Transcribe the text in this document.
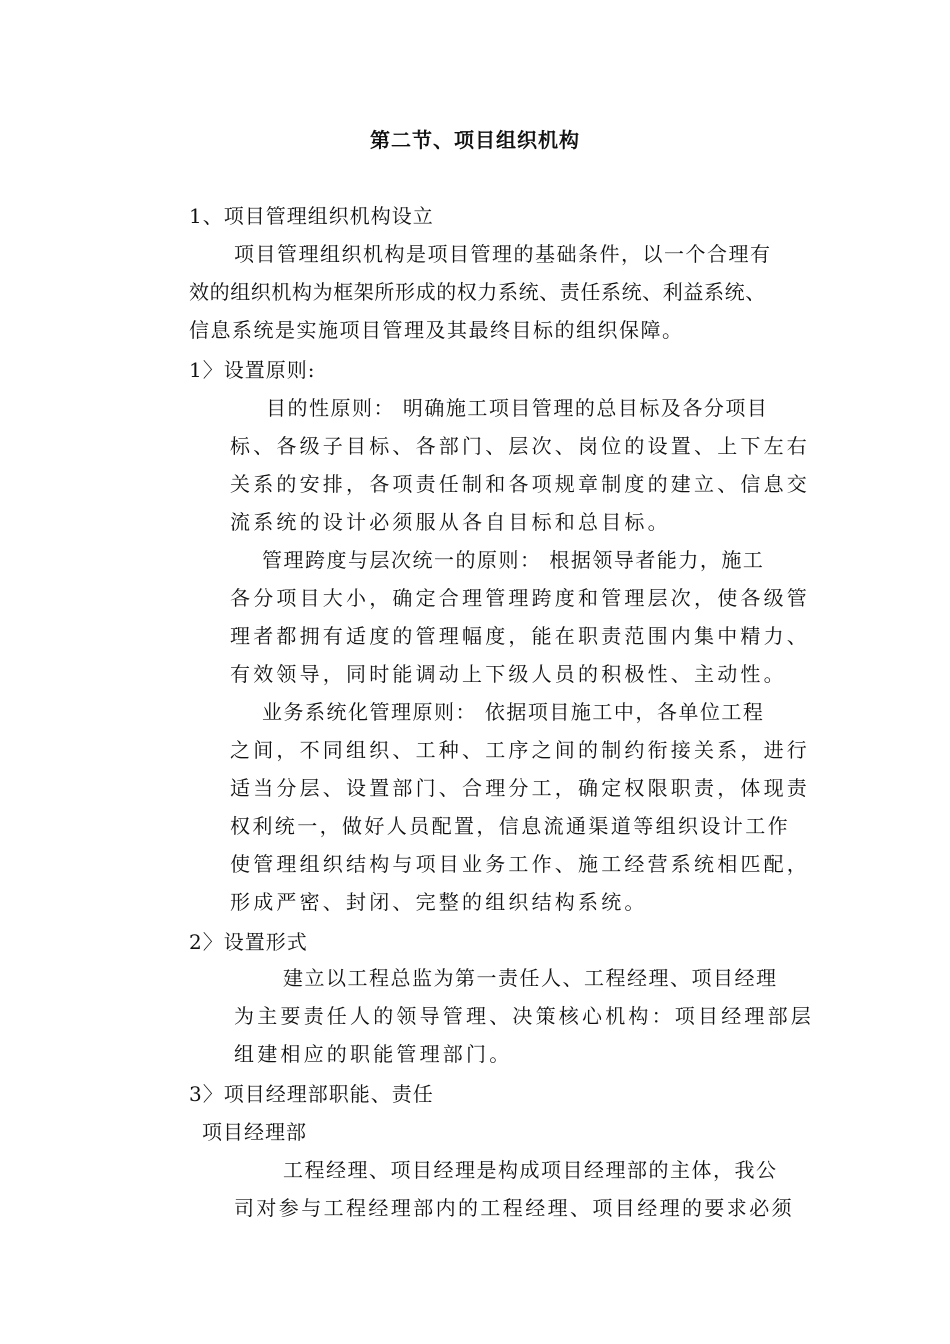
第二节、项目组织机构

1、项目管理组织机构设立

项目管理组织机构是项目管理的基础条件，以一个合理有

效的组织机构为框架所形成的权力系统、责任系统、利益系统、

信息系统是实施项目管理及其最终目标的组织保障。

1〉设置原则:

目的性原则： 明确施工项目管理的总目标及各分项目

标、各级子目标、各部门、层次、岗位的设置、上下左右

关系的安排，各项责任制和各项规章制度的建立、信息交

流系统的设计必须服从各自目标和总目标。

管理跨度与层次统一的原则： 根据领导者能力，施工

各分项目大小，确定合理管理跨度和管理层次，使各级管

理者都拥有适度的管理幅度，能在职责范围内集中精力、

有效领导，同时能调动上下级人员的积极性、主动性。

业务系统化管理原则： 依据项目施工中，各单位工程

之间，不同组织、工种、工序之间的制约衔接关系，进行

适当分层、设置部门、合理分工，确定权限职责，体现责

权利统一，做好人员配置，信息流通渠道等组织设计工作

使管理组织结构与项目业务工作、施工经营系统相匹配，

形成严密、封闭、完整的组织结构系统。

2〉设置形式

建立以工程总监为第一责任人、工程经理、项目经理

为主要责任人的领导管理、决策核心机构：项目经理部层

组建相应的职能管理部门。

3〉项目经理部职能、责任

项目经理部

工程经理、项目经理是构成项目经理部的主体，我公

司对参与工程经理部内的工程经理、项目经理的要求必须
